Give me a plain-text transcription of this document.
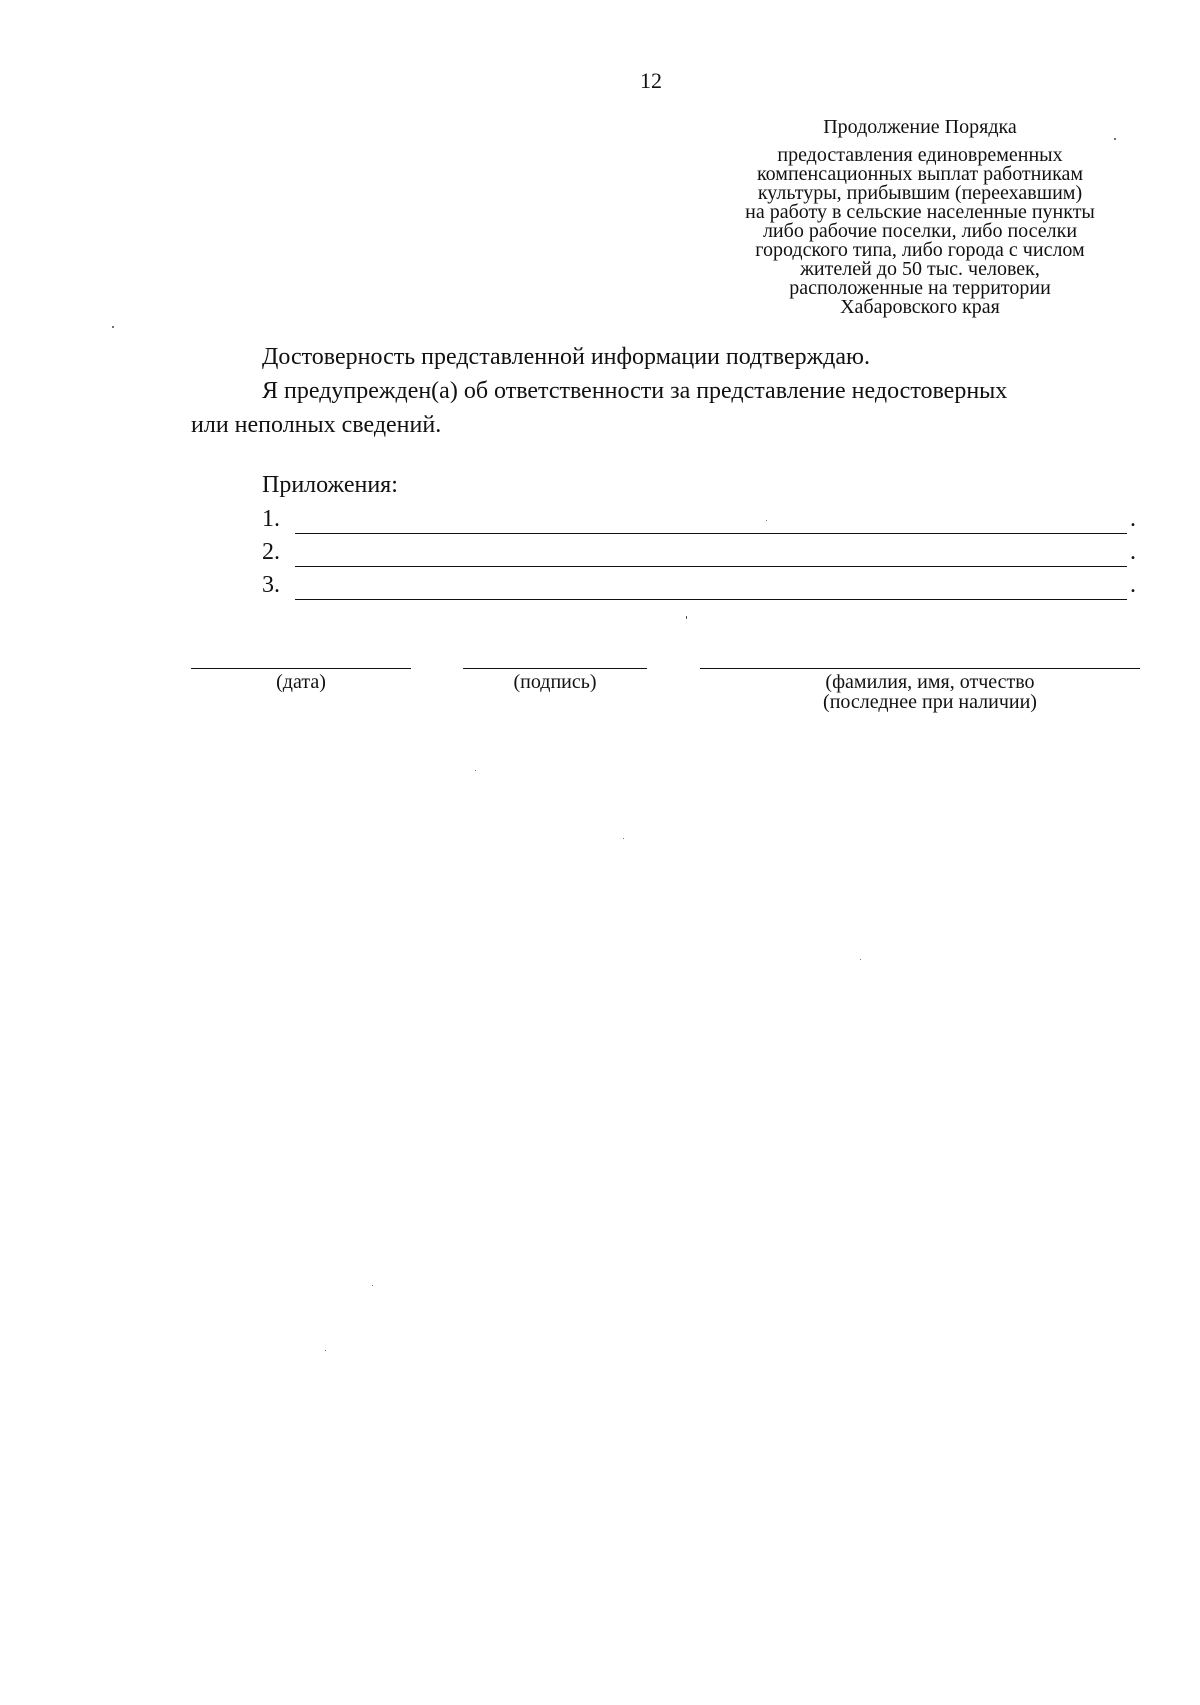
12
Продолжение Порядка
предоставления единовременных
компенсационных выплат работникам
культуры, прибывшим (переехавшим)
на работу в сельские населенные пункты
либо рабочие поселки, либо поселки
городского типа, либо города с числом
жителей до 50 тыс. человек,
расположенные на территории
Хабаровского края
Достоверность представленной информации подтверждаю.
Я предупрежден(а) об ответственности за представление недостоверных
или неполных сведений.
Приложения:
1.	.
2.	.
3.	.
(дата)	(подпись)	(фамилия, имя, отчество
(последнее при наличии)
